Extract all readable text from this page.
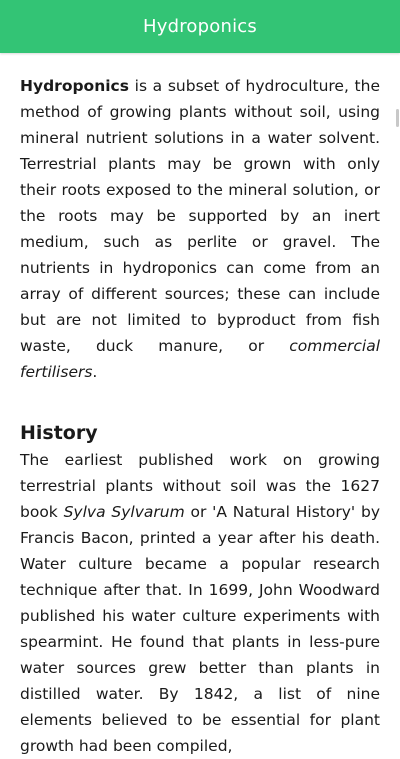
Hydroponics

Hydroponics is a subset of hydroculture, the method of growing plants without soil, using mineral nutrient solutions in a water solvent. Terrestrial plants may be grown with only their roots exposed to the mineral solution, or the roots may be supported by an inert medium, such as perlite or gravel. The nutrients in hydroponics can come from an array of different sources; these can include but are not limited to byproduct from fish waste, duck manure, or commercial fertilisers.

History

The earliest published work on growing terrestrial plants without soil was the 1627 book Sylva Sylvarum or 'A Natural History' by Francis Bacon, printed a year after his death. Water culture became a popular research technique after that. In 1699, John Woodward published his water culture experiments with spearmint. He found that plants in less-pure water sources grew better than plants in distilled water. By 1842, a list of nine elements believed to be essential for plant growth had been compiled,
